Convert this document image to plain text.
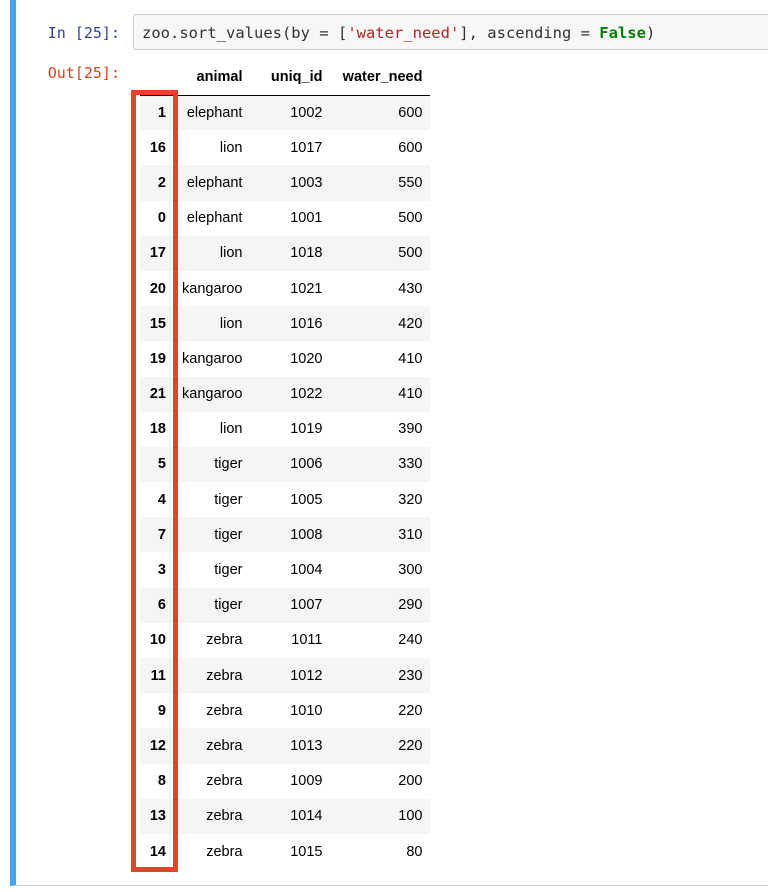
In [25]: zoo.sort_values(by = ['water_need'], ascending = False)
Out[25]:
		animal	uniq_id	water_need
1	elephant	1002	600
16	lion	1017	600
2	elephant	1003	550
0	elephant	1001	500
17	lion	1018	500
20	kangaroo	1021	430
15	lion	1016	420
19	kangaroo	1020	410
21	kangaroo	1022	410
18	lion	1019	390
5	tiger	1006	330
4	tiger	1005	320
7	tiger	1008	310
3	tiger	1004	300
6	tiger	1007	290
10	zebra	1011	240
11	zebra	1012	230
9	zebra	1010	220
12	zebra	1013	220
8	zebra	1009	200
13	zebra	1014	100
14	zebra	1015	80
